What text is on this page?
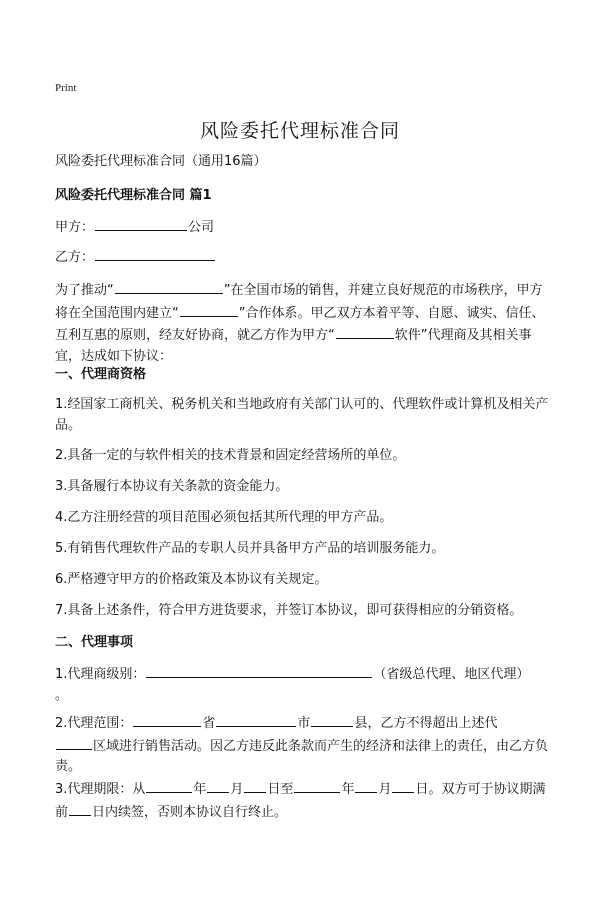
Print
风险委托代理标准合同
风险委托代理标准合同（通用16篇）
风险委托代理标准合同 篇1
甲方：	公司
乙方：
为了推动“	”在全国市场的销售，并建立良好规范的市场秩序，甲方将在全国范围内建立“	”合作体系。甲乙双方本着平等、自愿、诚实、信任、互利互惠的原则，经友好协商，就乙方作为甲方“	软件”代理商及其相关事宜，达成如下协议：
一、代理商资格
1.经国家工商机关、税务机关和当地政府有关部门认可的、代理软件或计算机及相关产品。
2.具备一定的与软件相关的技术背景和固定经营场所的单位。
3.具备履行本协议有关条款的资金能力。
4.乙方注册经营的项目范围必须包括其所代理的甲方产品。
5.有销售代理软件产品的专职人员并具备甲方产品的培训服务能力。
6.严格遵守甲方的价格政策及本协议有关规定。
7.具备上述条件，符合甲方进货要求，并签订本协议，即可获得相应的分销资格。
二、代理事项
1.代理商级别：	（省级总代理、地区代理）
。
2.代理范围：	省	市	县，乙方不得超出上述代
区域进行销售活动。因乙方违反此条款而产生的经济和法律上的责任，由乙方负责。
3.代理期限：从	年 月 日至	年 月 日。双方可于协议期满前 日内续签，否则本协议自行终止。
